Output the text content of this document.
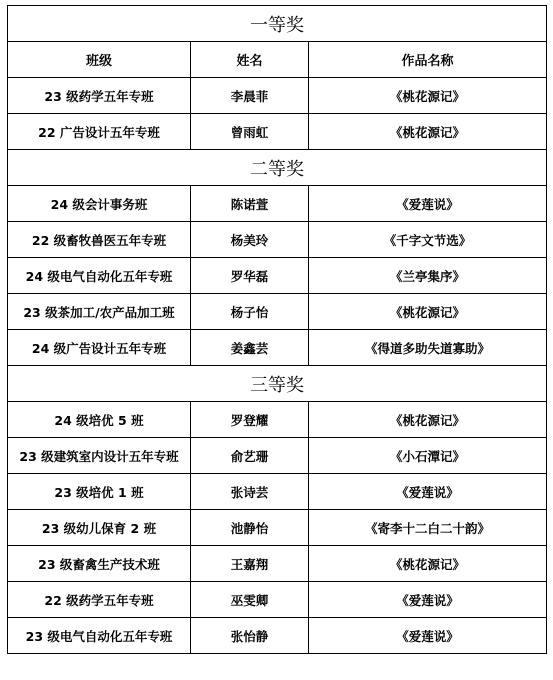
一等奖		
班级	姓名	作品名称
23 级药学五年专班	李晨菲	《桃花源记》
22 广告设计五年专班	曾雨虹	《桃花源记》
二等奖		
24 级会计事务班	陈诺萱	《爱莲说》
22 级畜牧兽医五年专班	杨美玲	《千字文节选》
24 级电气自动化五年专班	罗华磊	《兰亭集序》
23 级茶加工/农产品加工班	杨子怡	《桃花源记》
24 级广告设计五年专班	姜鑫芸	《得道多助失道寡助》
三等奖		
24 级培优 5 班	罗登耀	《桃花源记》
23 级建筑室内设计五年专班	俞艺珊	《小石潭记》
23 级培优 1 班	张诗芸	《爱莲说》
23 级幼儿保育 2 班	池静怡	《寄李十二白二十韵》
23 级畜禽生产技术班	王嘉翔	《桃花源记》
22 级药学五年专班	巫雯卿	《爱莲说》
23 级电气自动化五年专班	张怡静	《爱莲说》
